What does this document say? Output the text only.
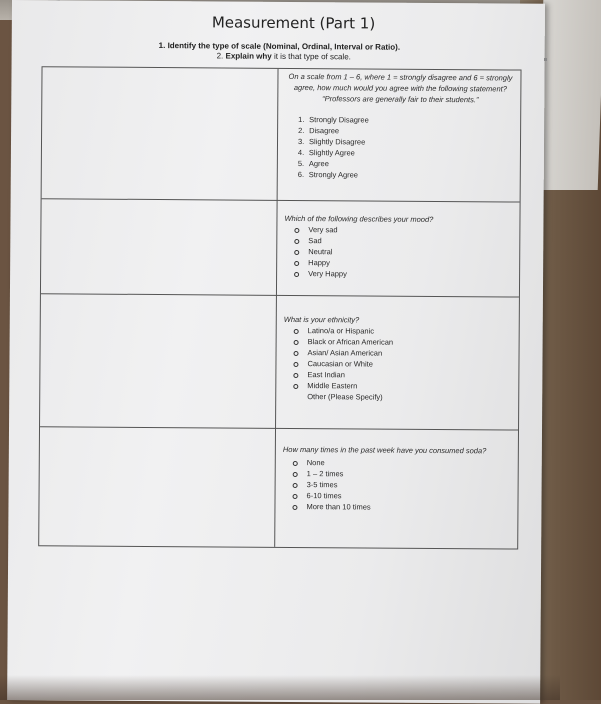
Measurement (Part 1)
1. Identify the type of scale (Nominal, Ordinal, Interval or Ratio).
2. Explain why it is that type of scale.
On a scale from 1 – 6, where 1 = strongly disagree and 6 = strongly agree, how much would you agree with the following statement?
“Professors are generally fair to their students.”
1. Strongly Disagree
2. Disagree
3. Slightly Disagree
4. Slightly Agree
5. Agree
6. Strongly Agree
Which of the following describes your mood?
Very sad
Sad
Neutral
Happy
Very Happy
What is your ethnicity?
Latino/a or Hispanic
Black or African American
Asian/ Asian American
Caucasian or White
East Indian
Middle Eastern
Other (Please Specify)
How many times in the past week have you consumed soda?
None
1 – 2 times
3-5 times
6-10 times
More than 10 times
